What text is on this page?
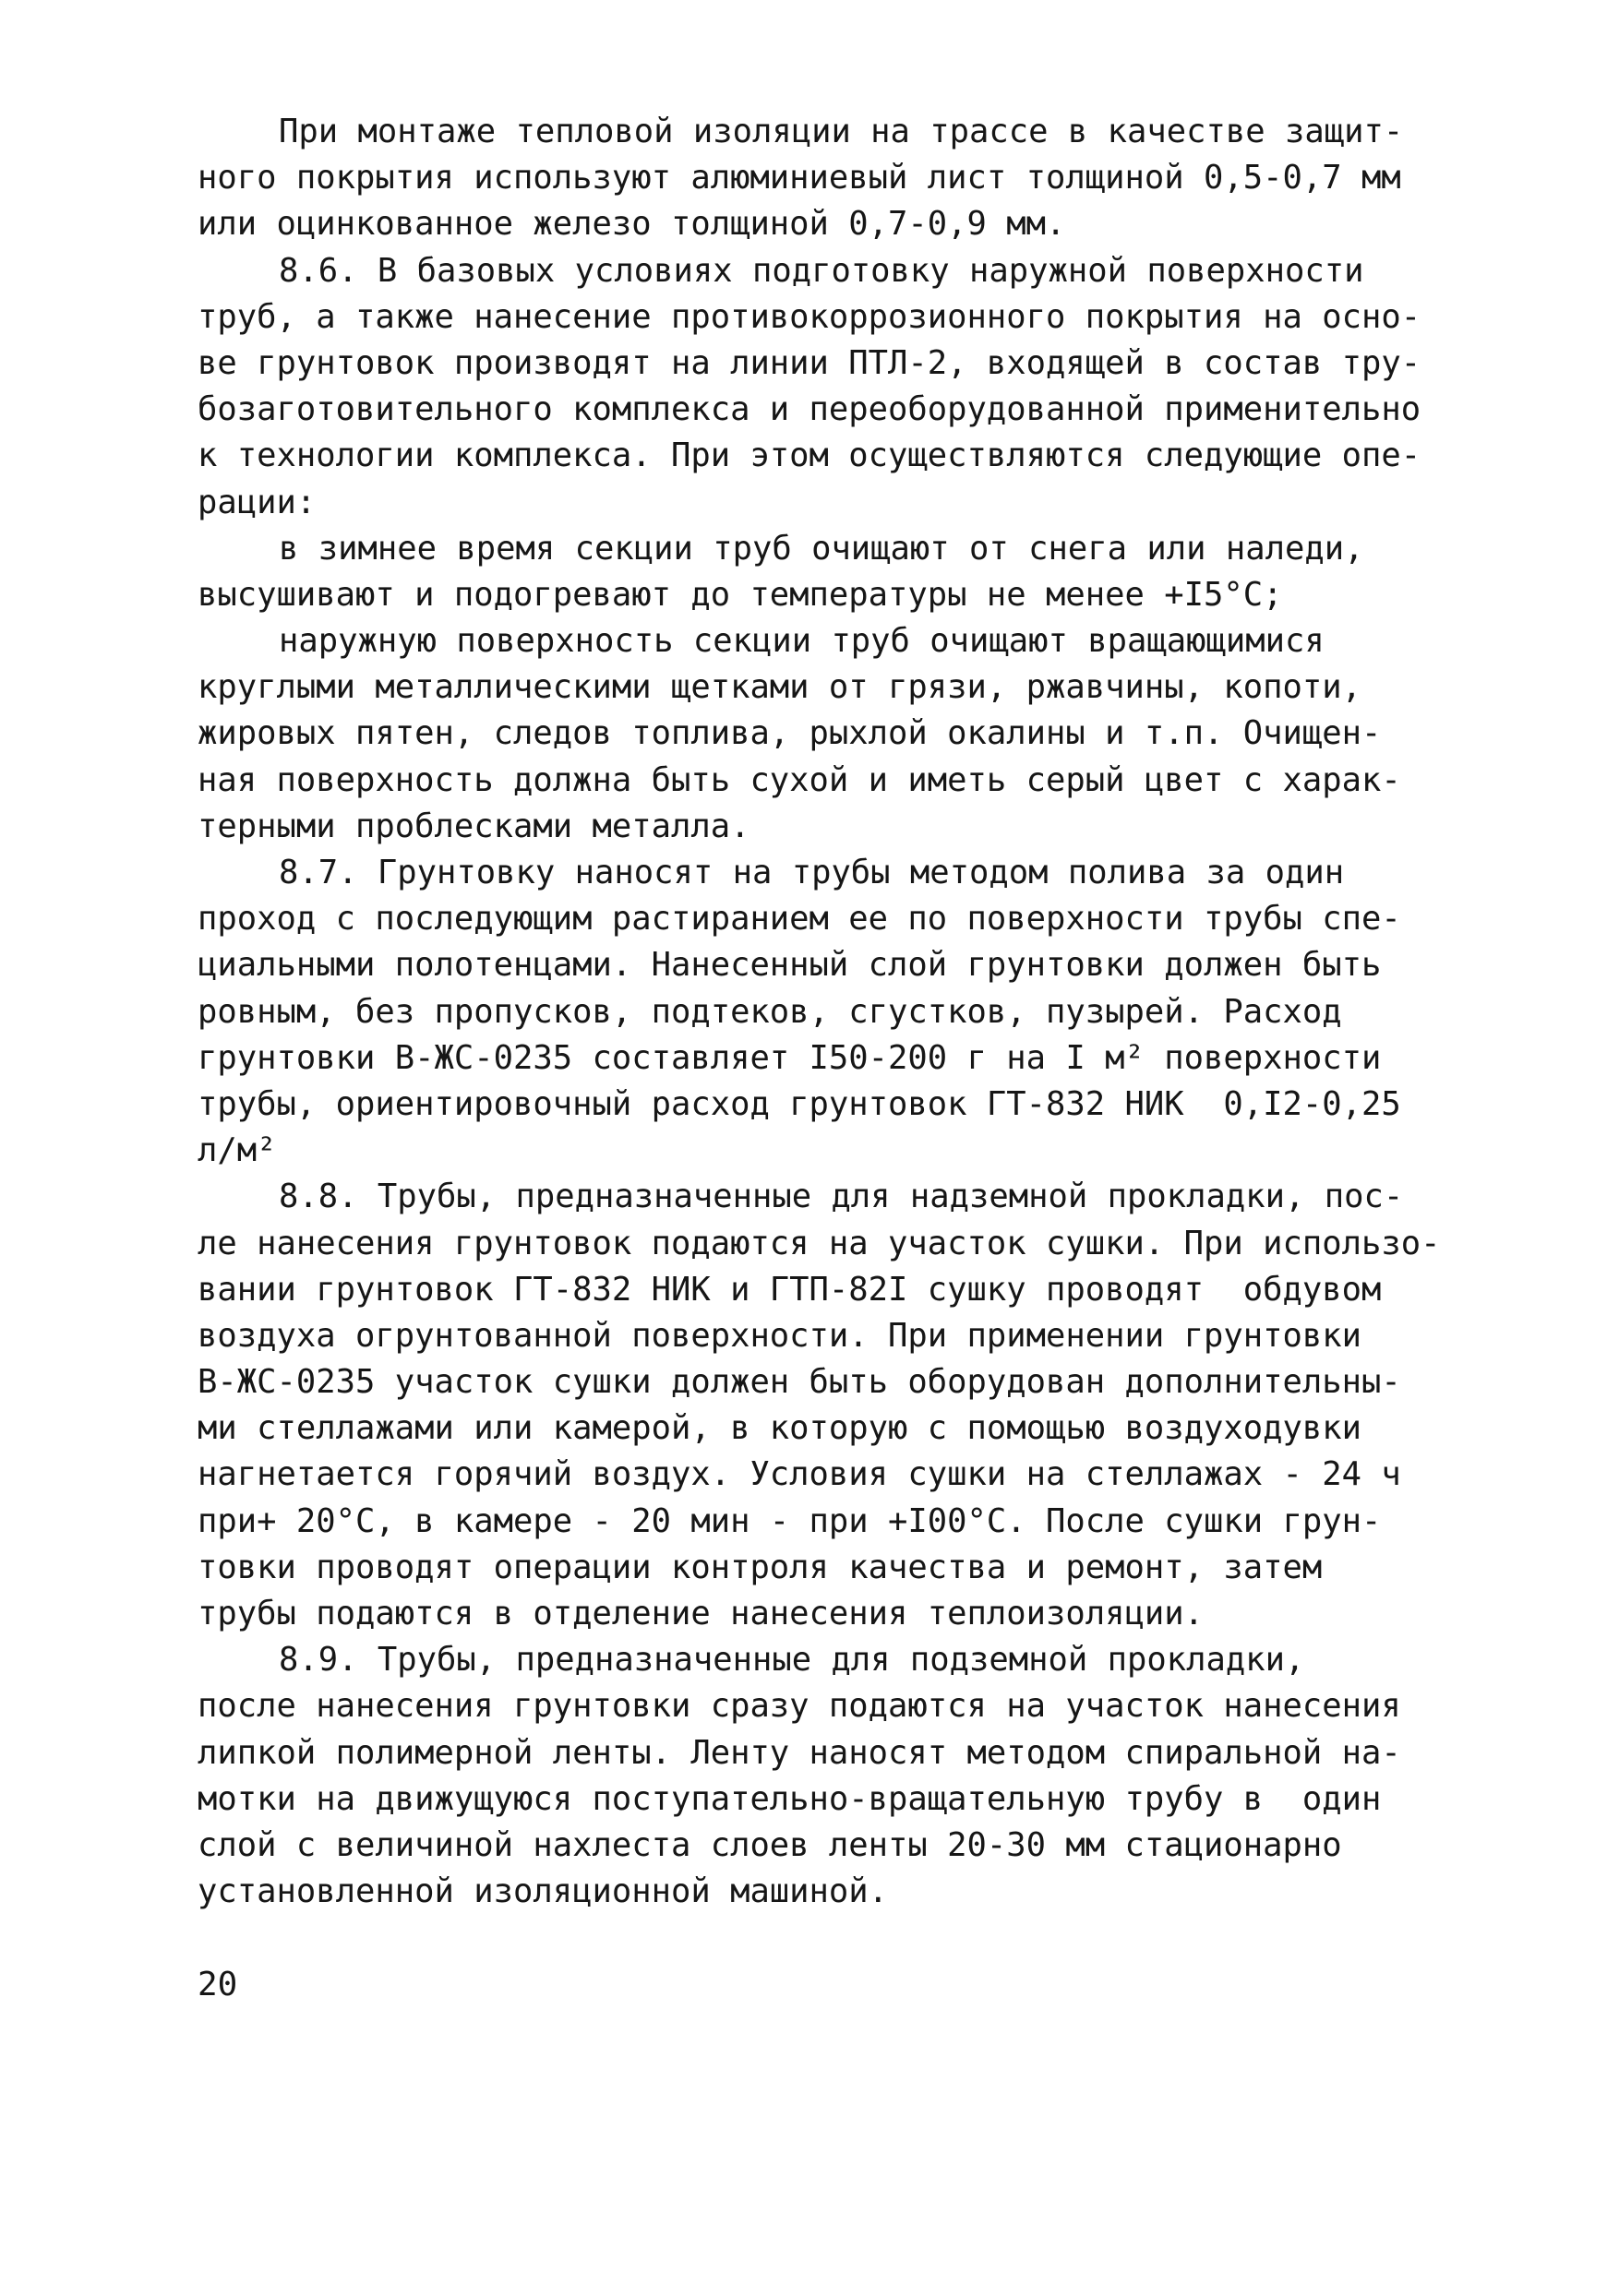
При монтаже тепловой изоляции на трассе в качестве защит-
ного покрытия используют алюминиевый лист толщиной 0,5-0,7 мм
или оцинкованное железо толщиной 0,7-0,9 мм.
8.6. В базовых условиях подготовку наружной поверхности
труб, а также нанесение противокоррозионного покрытия на осно-
ве грунтовок производят на линии ПТЛ-2, входящей в состав тру-
бозаготовительного комплекса и переоборудованной применительно
к технологии комплекса. При этом осуществляются следующие опе-
рации:
в зимнее время секции труб очищают от снега или наледи,
высушивают и подогревают до температуры не менее +I5°С;
наружную поверхность секции труб очищают вращающимися
круглыми металлическими щетками от грязи, ржавчины, копоти,
жировых пятен, следов топлива, рыхлой окалины и т.п. Очищен-
ная поверхность должна быть сухой и иметь серый цвет с харак-
терными проблесками металла.
8.7. Грунтовку наносят на трубы методом полива за один
проход с последующим растиранием ее по поверхности трубы спе-
циальными полотенцами. Нанесенный слой грунтовки должен быть
ровным, без пропусков, подтеков, сгустков, пузырей. Расход
грунтовки В-ЖС-0235 составляет I50-200 г на I м² поверхности
трубы, ориентировочный расход грунтовок ГТ-832 НИК  0,I2-0,25
л/м²
8.8. Трубы, предназначенные для надземной прокладки, пос-
ле нанесения грунтовок подаются на участок сушки. При использо-
вании грунтовок ГТ-832 НИК и ГТП-82I сушку проводят  обдувом
воздуха огрунтованной поверхности. При применении грунтовки
В-ЖС-0235 участок сушки должен быть оборудован дополнительны-
ми стеллажами или камерой, в которую с помощью воздуходувки
нагнетается горячий воздух. Условия сушки на стеллажах - 24 ч
при+ 20°С, в камере - 20 мин - при +I00°С. После сушки грун-
товки проводят операции контроля качества и ремонт, затем
трубы подаются в отделение нанесения теплоизоляции.
8.9. Трубы, предназначенные для подземной прокладки,
после нанесения грунтовки сразу подаются на участок нанесения
липкой полимерной ленты. Ленту наносят методом спиральной на-
мотки на движущуюся поступательно-вращательную трубу в  один
слой с величиной нахлеста слоев ленты 20-30 мм стационарно
установленной изоляционной машиной.
20
